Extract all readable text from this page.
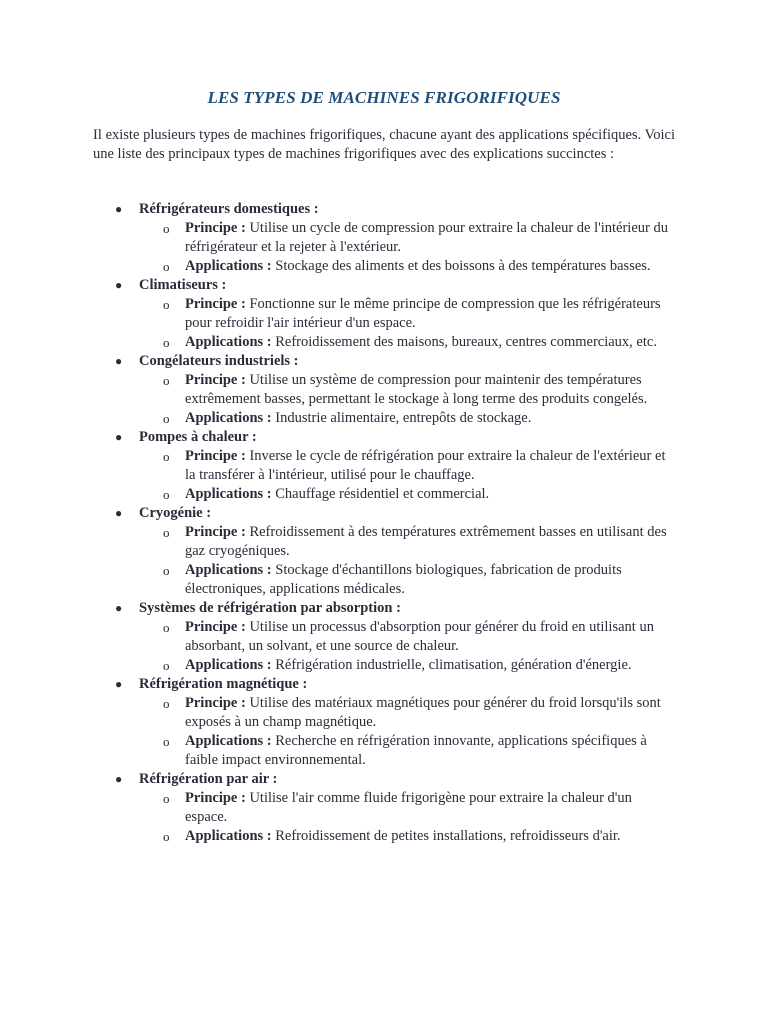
LES TYPES DE MACHINES FRIGORIFIQUES
Il existe plusieurs types de machines frigorifiques, chacune ayant des applications spécifiques. Voici une liste des principaux types de machines frigorifiques avec des explications succinctes :
● Réfrigérateurs domestiques :
o Principe : Utilise un cycle de compression pour extraire la chaleur de l'intérieur du réfrigérateur et la rejeter à l'extérieur.
o Applications : Stockage des aliments et des boissons à des températures basses.
● Climatiseurs :
o Principe : Fonctionne sur le même principe de compression que les réfrigérateurs pour refroidir l'air intérieur d'un espace.
o Applications : Refroidissement des maisons, bureaux, centres commerciaux, etc.
● Congélateurs industriels :
o Principe : Utilise un système de compression pour maintenir des températures extrêmement basses, permettant le stockage à long terme des produits congelés.
o Applications : Industrie alimentaire, entrepôts de stockage.
● Pompes à chaleur :
o Principe : Inverse le cycle de réfrigération pour extraire la chaleur de l'extérieur et la transférer à l'intérieur, utilisé pour le chauffage.
o Applications : Chauffage résidentiel et commercial.
● Cryogénie :
o Principe : Refroidissement à des températures extrêmement basses en utilisant des gaz cryogéniques.
o Applications : Stockage d'échantillons biologiques, fabrication de produits électroniques, applications médicales.
● Systèmes de réfrigération par absorption :
o Principe : Utilise un processus d'absorption pour générer du froid en utilisant un absorbant, un solvant, et une source de chaleur.
o Applications : Réfrigération industrielle, climatisation, génération d'énergie.
● Réfrigération magnétique :
o Principe : Utilise des matériaux magnétiques pour générer du froid lorsqu'ils sont exposés à un champ magnétique.
o Applications : Recherche en réfrigération innovante, applications spécifiques à faible impact environnemental.
● Réfrigération par air :
o Principe : Utilise l'air comme fluide frigorigène pour extraire la chaleur d'un espace.
o Applications : Refroidissement de petites installations, refroidisseurs d'air.
